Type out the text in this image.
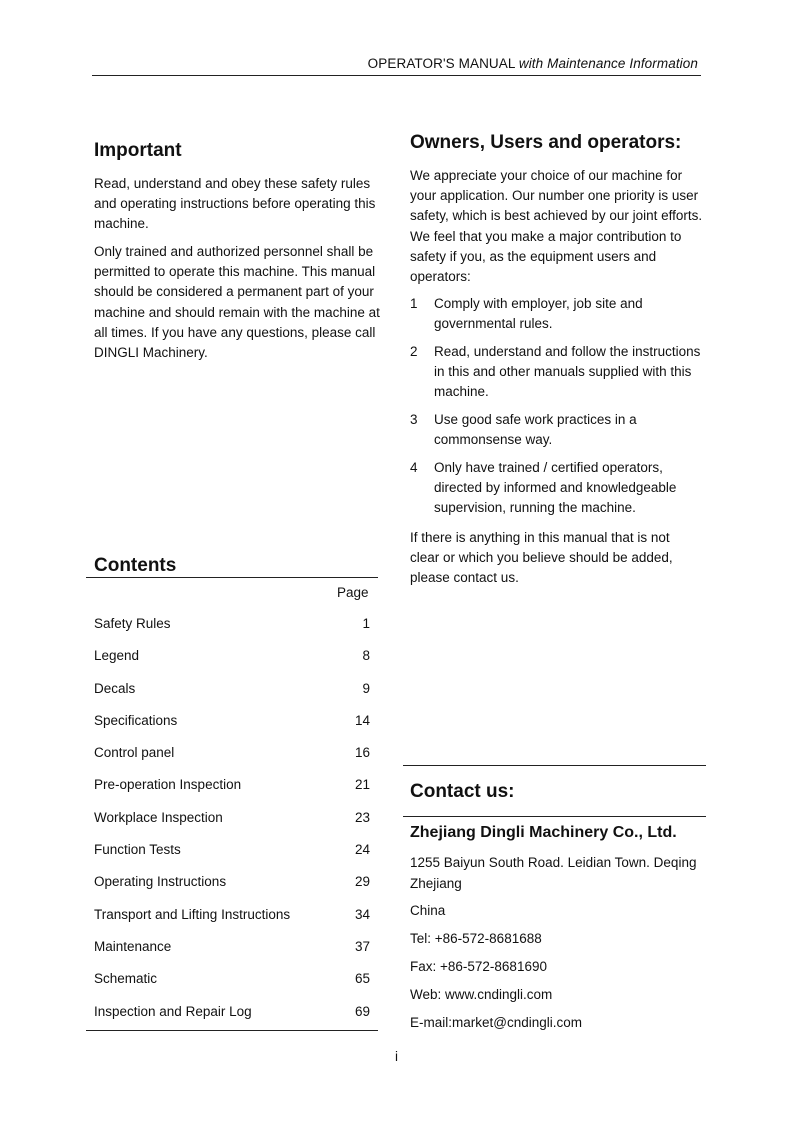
OPERATOR'S MANUAL with Maintenance Information
Important
Read, understand and obey these safety rules and operating instructions before operating this machine.
Only trained and authorized personnel shall be permitted to operate this machine. This manual should be considered a permanent part of your machine and should remain with the machine at all times. If you have any questions, please call DINGLI Machinery.
Contents
Page
Safety Rules	1
Legend	8
Decals	9
Specifications	14
Control panel	16
Pre-operation Inspection	21
Workplace Inspection	23
Function Tests	24
Operating Instructions	29
Transport and Lifting Instructions	34
Maintenance	37
Schematic	65
Inspection and Repair Log	69
Owners, Users and operators:
We appreciate your choice of our machine for your application. Our number one priority is user safety, which is best achieved by our joint efforts. We feel that you make a major contribution to safety if you, as the equipment users and operators:
1 Comply with employer, job site and governmental rules.
2 Read, understand and follow the instructions in this and other manuals supplied with this machine.
3 Use good safe work practices in a commonsense way.
4 Only have trained / certified operators, directed by informed and knowledgeable supervision, running the machine.
If there is anything in this manual that is not clear or which you believe should be added, please contact us.
Contact us:
Zhejiang Dingli Machinery Co., Ltd.
1255 Baiyun South Road. Leidian Town. Deqing Zhejiang
China
Tel: +86-572-8681688
Fax: +86-572-8681690
Web: www.cndingli.com
E-mail:market@cndingli.com
i
